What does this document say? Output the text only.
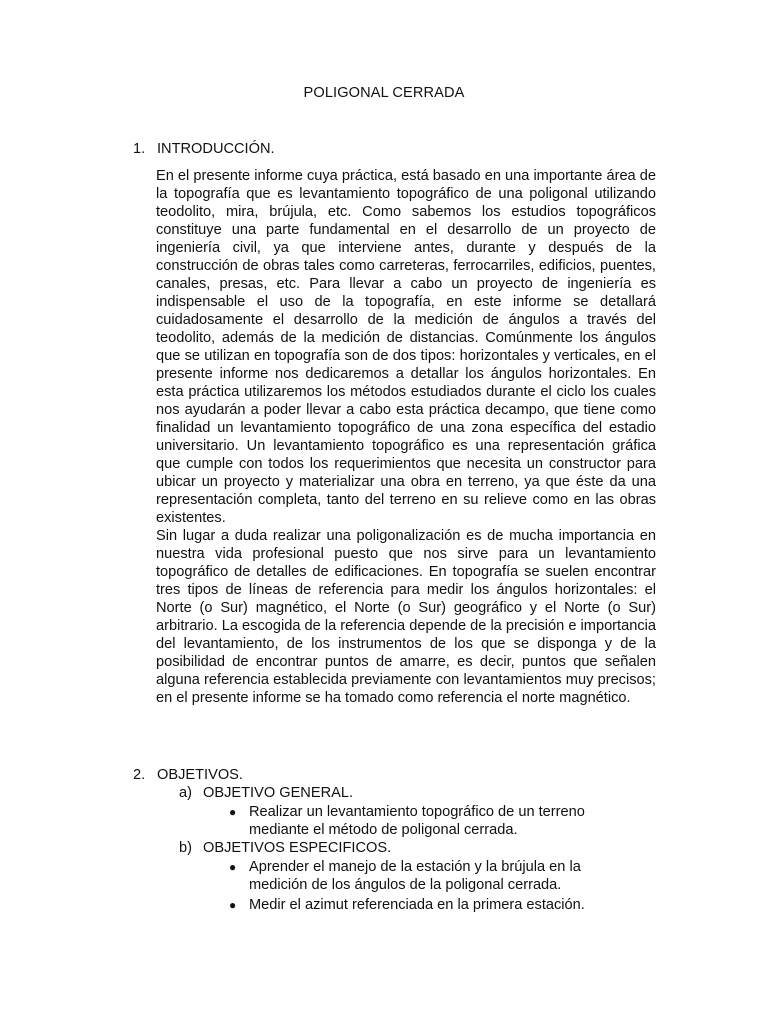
POLIGONAL CERRADA
1. INTRODUCCIÓN.

En el presente informe cuya práctica, está basado en una importante área de la topografía que es levantamiento topográfico de una poligonal utilizando teodolito, mira, brújula, etc. Como sabemos los estudios topográficos constituye una parte fundamental en el desarrollo de un proyecto de ingeniería civil, ya que interviene antes, durante y después de la construcción de obras tales como carreteras, ferrocarriles, edificios, puentes, canales, presas, etc. Para llevar a cabo un proyecto de ingeniería es indispensable el uso de la topografía, en este informe se detallará cuidadosamente el desarrollo de la medición de ángulos a través del teodolito, además de la medición de distancias. Comúnmente los ángulos que se utilizan en topografía son de dos tipos: horizontales y verticales, en el presente informe nos dedicaremos a detallar los ángulos horizontales. En esta práctica utilizaremos los métodos estudiados durante el ciclo los cuales nos ayudarán a poder llevar a cabo esta práctica decampo, que tiene como finalidad un levantamiento topográfico de una zona específica del estadio universitario. Un levantamiento topográfico es una representación gráfica que cumple con todos los requerimientos que necesita un constructor para ubicar un proyecto y materializar una obra en terreno, ya que éste da una representación completa, tanto del terreno en su relieve como en las obras existentes.

Sin lugar a duda realizar una poligonalización es de mucha importancia en nuestra vida profesional puesto que nos sirve para un levantamiento topográfico de detalles de edificaciones. En topografía se suelen encontrar tres tipos de líneas de referencia para medir los ángulos horizontales: el Norte (o Sur) magnético, el Norte (o Sur) geográfico y el Norte (o Sur) arbitrario. La escogida de la referencia depende de la precisión e importancia del levantamiento, de los instrumentos de los que se disponga y de la posibilidad de encontrar puntos de amarre, es decir, puntos que señalen alguna referencia establecida previamente con levantamientos muy precisos; en el presente informe se ha tomado como referencia el norte magnético.

2. OBJETIVOS.
a) OBJETIVO GENERAL.
● Realizar un levantamiento topográfico de un terreno mediante el método de poligonal cerrada.
b) OBJETIVOS ESPECIFICOS.
● Aprender el manejo de la estación y la brújula en la medición de los ángulos de la poligonal cerrada.
● Medir el azimut referenciada en la primera estación.
